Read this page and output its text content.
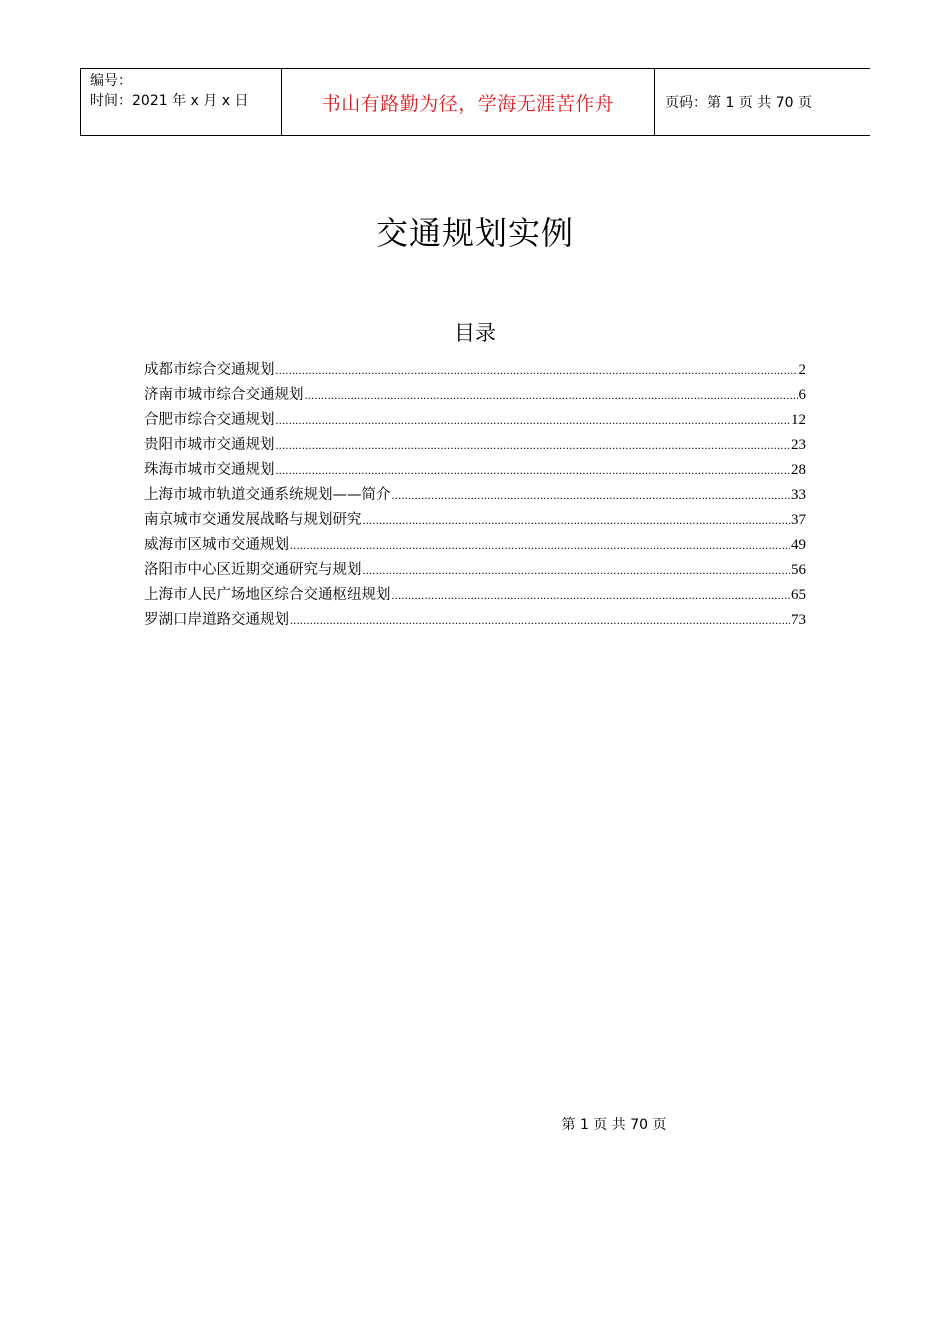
编号：
时间：2021 年 x 月 x 日	书山有路勤为径，学海无涯苦作舟	页码：第 1 页 共 70 页
交通规划实例
目录
成都市综合交通规划 .....	2
济南市城市综合交通规划 .....	6
合肥市综合交通规划 .....	12
贵阳市城市交通规划 .....	23
珠海市城市交通规划 .....	28
上海市城市轨道交通系统规划——简介 .....	33
南京城市交通发展战略与规划研究 .....	37
威海市区城市交通规划 .....	49
洛阳市中心区近期交通研究与规划 .....	56
上海市人民广场地区综合交通枢纽规划 .....	65
罗湖口岸道路交通规划 .....	73
第 1 页 共 70 页
